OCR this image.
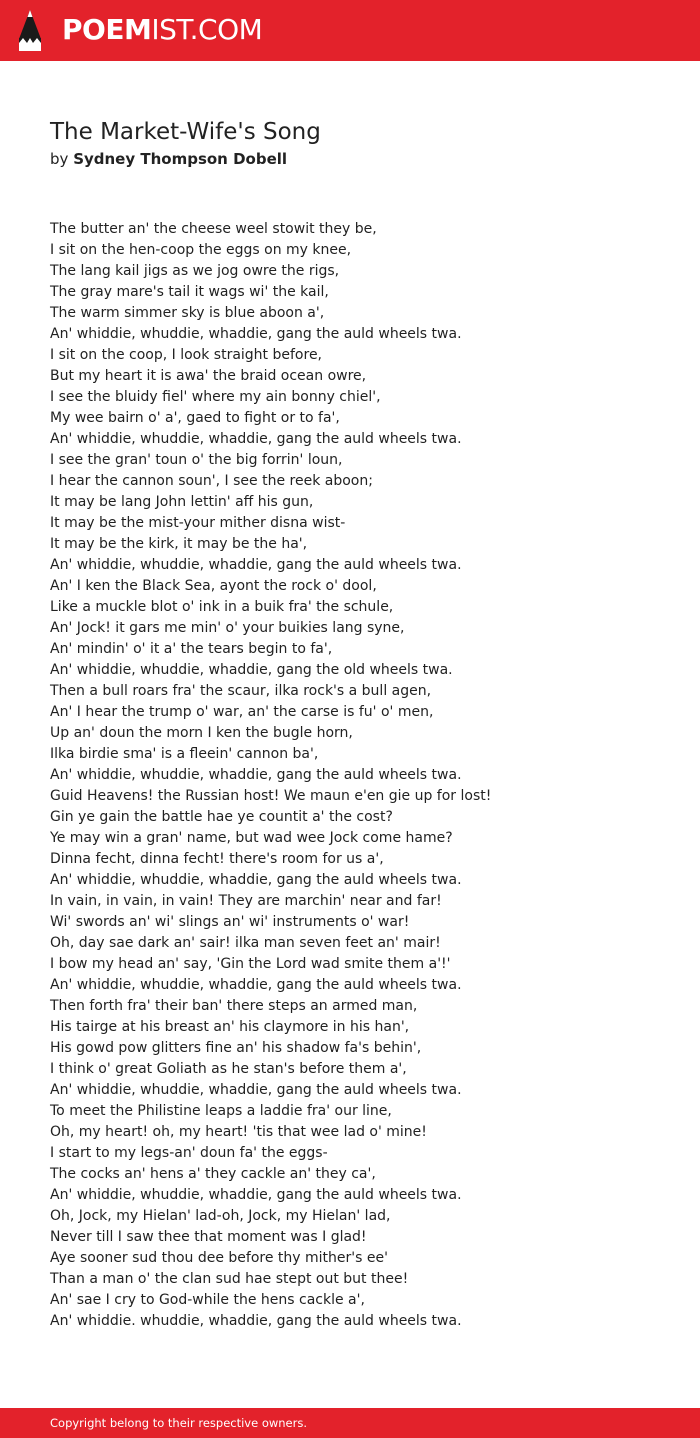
POEMIST.COM
The Market-Wife's Song
by Sydney Thompson Dobell
The butter an' the cheese weel stowit they be,
I sit on the hen-coop the eggs on my knee,
The lang kail jigs as we jog owre the rigs,
The gray mare's tail it wags wi' the kail,
The warm simmer sky is blue aboon a',
An' whiddie, whuddie, whaddie, gang the auld wheels twa.
I sit on the coop, I look straight before,
But my heart it is awa' the braid ocean owre,
I see the bluidy fiel' where my ain bonny chiel',
My wee bairn o' a', gaed to fight or to fa',
An' whiddie, whuddie, whaddie, gang the auld wheels twa.
I see the gran' toun o' the big forrin' loun,
I hear the cannon soun', I see the reek aboon;
It may be lang John lettin' aff his gun,
It may be the mist-your mither disna wist-
It may be the kirk, it may be the ha',
An' whiddie, whuddie, whaddie, gang the auld wheels twa.
An' I ken the Black Sea, ayont the rock o' dool,
Like a muckle blot o' ink in a buik fra' the schule,
An' Jock! it gars me min' o' your buikies lang syne,
An' mindin' o' it a' the tears begin to fa',
An' whiddie, whuddie, whaddie, gang the old wheels twa.
Then a bull roars fra' the scaur, ilka rock's a bull agen,
An' I hear the trump o' war, an' the carse is fu' o' men,
Up an' doun the morn I ken the bugle horn,
Ilka birdie sma' is a fleein' cannon ba',
An' whiddie, whuddie, whaddie, gang the auld wheels twa.
Guid Heavens! the Russian host! We maun e'en gie up for lost!
Gin ye gain the battle hae ye countit a' the cost?
Ye may win a gran' name, but wad wee Jock come hame?
Dinna fecht, dinna fecht! there's room for us a',
An' whiddie, whuddie, whaddie, gang the auld wheels twa.
In vain, in vain, in vain! They are marchin' near and far!
Wi' swords an' wi' slings an' wi' instruments o' war!
Oh, day sae dark an' sair! ilka man seven feet an' mair!
I bow my head an' say, 'Gin the Lord wad smite them a'!'
An' whiddie, whuddie, whaddie, gang the auld wheels twa.
Then forth fra' their ban' there steps an armed man,
His tairge at his breast an' his claymore in his han',
His gowd pow glitters fine an' his shadow fa's behin',
I think o' great Goliath as he stan's before them a',
An' whiddie, whuddie, whaddie, gang the auld wheels twa.
To meet the Philistine leaps a laddie fra' our line,
Oh, my heart! oh, my heart! 'tis that wee lad o' mine!
I start to my legs-an' doun fa' the eggs-
The cocks an' hens a' they cackle an' they ca',
An' whiddie, whuddie, whaddie, gang the auld wheels twa.
Oh, Jock, my Hielan' lad-oh, Jock, my Hielan' lad,
Never till I saw thee that moment was I glad!
Aye sooner sud thou dee before thy mither's ee'
Than a man o' the clan sud hae stept out but thee!
An' sae I cry to God-while the hens cackle a',
An' whiddie. whuddie, whaddie, gang the auld wheels twa.
Copyright belong to their respective owners.
